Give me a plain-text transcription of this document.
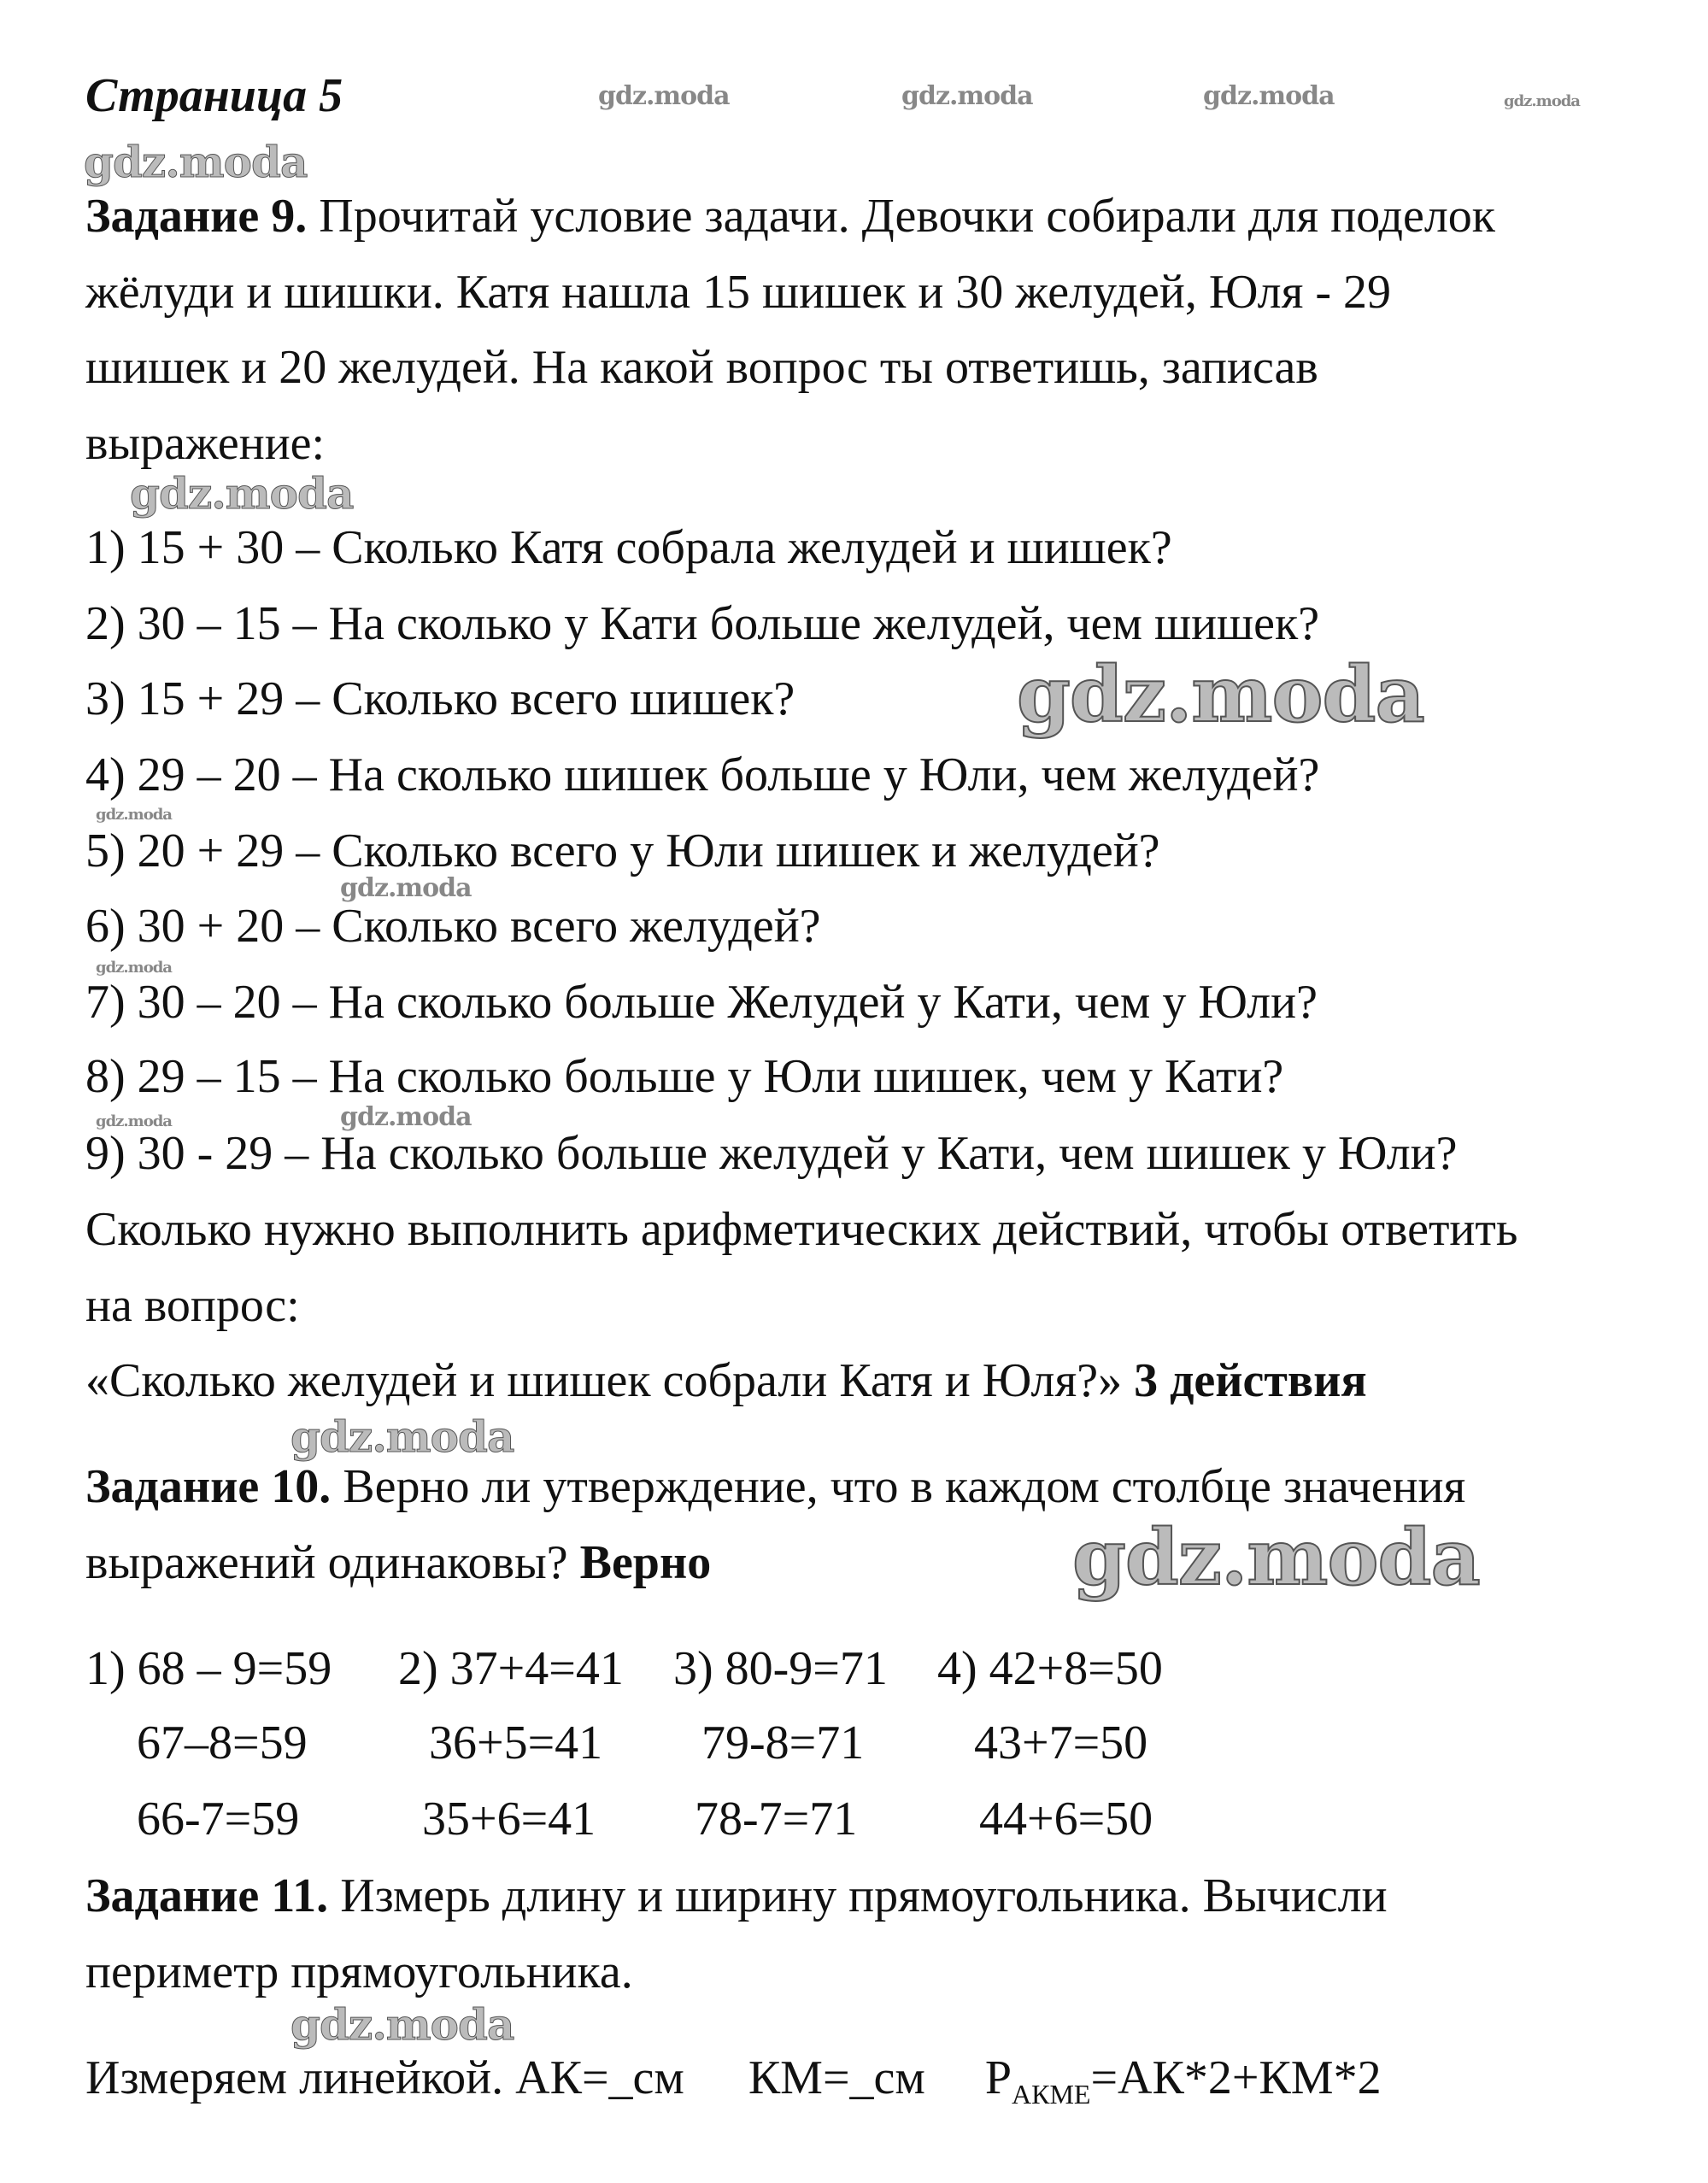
Страница 5	gdz.moda	gdz.moda	gdz.moda	gdz.moda
gdz.moda
gdz.moda
gdz.moda
gdz.moda
gdz.moda
gdz.moda
gdz.moda	gdz.moda
gdz.moda
gdz.moda
gdz.moda
Задание 9. Прочитай условие задачи. Девочки собирали для поделок
жёлуди и шишки. Катя нашла 15 шишек и 30 желудей, Юля - 29
шишек и 20 желудей. На какой вопрос ты ответишь, записав
выражение:
1) 15 + 30 – Сколько Катя собрала желудей и шишек?
2) 30 – 15 – На сколько у Кати больше желудей, чем шишек?
3) 15 + 29 – Сколько всего шишек?
4) 29 – 20 – На сколько шишек больше у Юли, чем желудей?
5) 20 + 29 – Сколько всего у Юли шишек и желудей?
6) 30 + 20 – Сколько всего желудей?
7) 30 – 20 – На сколько больше Желудей у Кати, чем у Юли?
8) 29 – 15 – На сколько больше у Юли шишек, чем у Кати?
9) 30 - 29 – На сколько больше желудей у Кати, чем шишек у Юли?
Сколько нужно выполнить арифметических действий, чтобы ответить
на вопрос:
«Сколько желудей и шишек собрали Катя и Юля?» 3 действия
Задание 10. Верно ли утверждение, что в каждом столбце значения
выражений одинаковы? Верно
1) 68 – 9=59 2) 37+4=41 3) 80-9=71 4) 42+8=50
67–8=59	36+5=41 79-8=71 43+7=50
66-7=59	35+6=41 78-7=71	44+6=50
Задание 11. Измерь длину и ширину прямоугольника. Вычисли
периметр прямоугольника.
Измеряем линейкой. АК=_см КМ=_см $P_{АКМЕ}=АК*2+КМ*2$
